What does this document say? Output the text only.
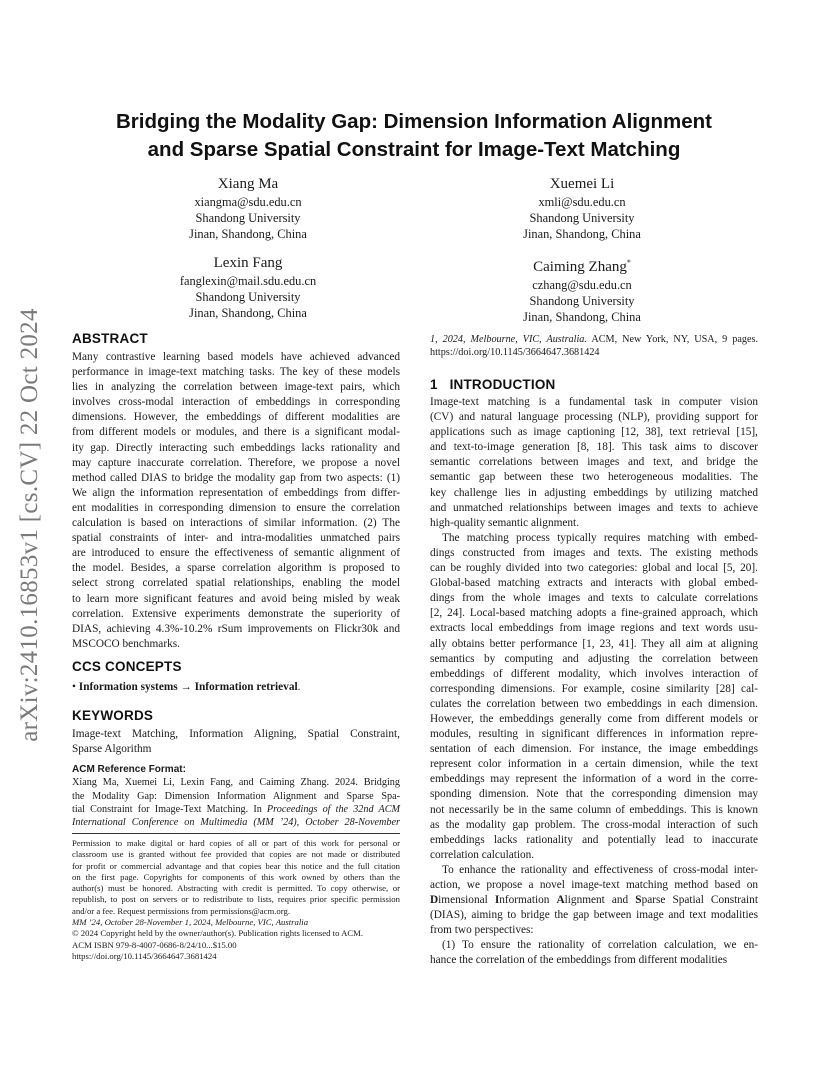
arXiv:2410.16853v1 [cs.CV] 22 Oct 2024
Bridging the Modality Gap: Dimension Information Alignment
and Sparse Spatial Constraint for Image-Text Matching
Xiang Ma
xiangma@sdu.edu.cn
Shandong University
Jinan, Shandong, China
Xuemei Li
xmli@sdu.edu.cn
Shandong University
Jinan, Shandong, China
Lexin Fang
fanglexin@mail.sdu.edu.cn
Shandong University
Jinan, Shandong, China
Caiming Zhang*
czhang@sdu.edu.cn
Shandong University
Jinan, Shandong, China
ABSTRACT
Many contrastive learning based models have achieved advanced
performance in image-text matching tasks. The key of these models
lies in analyzing the correlation between image-text pairs, which
involves cross-modal interaction of embeddings in corresponding
dimensions. However, the embeddings of different modalities are
from different models or modules, and there is a significant modal-
ity gap. Directly interacting such embeddings lacks rationality and
may capture inaccurate correlation. Therefore, we propose a novel
method called DIAS to bridge the modality gap from two aspects: (1)
We align the information representation of embeddings from differ-
ent modalities in corresponding dimension to ensure the correlation
calculation is based on interactions of similar information. (2) The
spatial constraints of inter- and intra-modalities unmatched pairs
are introduced to ensure the effectiveness of semantic alignment of
the model. Besides, a sparse correlation algorithm is proposed to
select strong correlated spatial relationships, enabling the model
to learn more significant features and avoid being misled by weak
correlation. Extensive experiments demonstrate the superiority of
DIAS, achieving 4.3%-10.2% rSum improvements on Flickr30k and
MSCOCO benchmarks.
CCS CONCEPTS
• Information systems → Information retrieval.
KEYWORDS
Image-text Matching, Information Aligning, Spatial Constraint,
Sparse Algorithm
ACM Reference Format:
Xiang Ma, Xuemei Li, Lexin Fang, and Caiming Zhang. 2024. Bridging
the Modality Gap: Dimension Information Alignment and Sparse Spa-
tial Constraint for Image-Text Matching. In Proceedings of the 32nd ACM
International Conference on Multimedia (MM ’24), October 28-November
Permission to make digital or hard copies of all or part of this work for personal or
classroom use is granted without fee provided that copies are not made or distributed
for profit or commercial advantage and that copies bear this notice and the full citation
on the first page. Copyrights for components of this work owned by others than the
author(s) must be honored. Abstracting with credit is permitted. To copy otherwise, or
republish, to post on servers or to redistribute to lists, requires prior specific permission
and/or a fee. Request permissions from permissions@acm.org.
MM ’24, October 28-November 1, 2024, Melbourne, VIC, Australia
© 2024 Copyright held by the owner/author(s). Publication rights licensed to ACM.
ACM ISBN 979-8-4007-0686-8/24/10...$15.00
https://doi.org/10.1145/3664647.3681424
1, 2024, Melbourne, VIC, Australia. ACM, New York, NY, USA, 9 pages.
https://doi.org/10.1145/3664647.3681424
1 INTRODUCTION
Image-text matching is a fundamental task in computer vision
(CV) and natural language processing (NLP), providing support for
applications such as image captioning [12, 38], text retrieval [15],
and text-to-image generation [8, 18]. This task aims to discover
semantic correlations between images and text, and bridge the
semantic gap between these two heterogeneous modalities. The
key challenge lies in adjusting embeddings by utilizing matched
and unmatched relationships between images and texts to achieve
high-quality semantic alignment.
The matching process typically requires matching with embed-
dings constructed from images and texts. The existing methods
can be roughly divided into two categories: global and local [5, 20].
Global-based matching extracts and interacts with global embed-
dings from the whole images and texts to calculate correlations
[2, 24]. Local-based matching adopts a fine-grained approach, which
extracts local embeddings from image regions and text words usu-
ally obtains better performance [1, 23, 41]. They all aim at aligning
semantics by computing and adjusting the correlation between
embeddings of different modality, which involves interaction of
corresponding dimensions. For example, cosine similarity [28] cal-
culates the correlation between two embeddings in each dimension.
However, the embeddings generally come from different models or
modules, resulting in significant differences in information repre-
sentation of each dimension. For instance, the image embeddings
represent color information in a certain dimension, while the text
embeddings may represent the information of a word in the corre-
sponding dimension. Note that the corresponding dimension may
not necessarily be in the same column of embeddings. This is known
as the modality gap problem. The cross-modal interaction of such
embeddings lacks rationality and potentially lead to inaccurate
correlation calculation.
To enhance the rationality and effectiveness of cross-modal inter-
action, we propose a novel image-text matching method based on
Dimensional Information Alignment and Sparse Spatial Constraint
(DIAS), aiming to bridge the gap between image and text modalities
from two perspectives:
(1) To ensure the rationality of correlation calculation, we en-
hance the correlation of the embeddings from different modalities
